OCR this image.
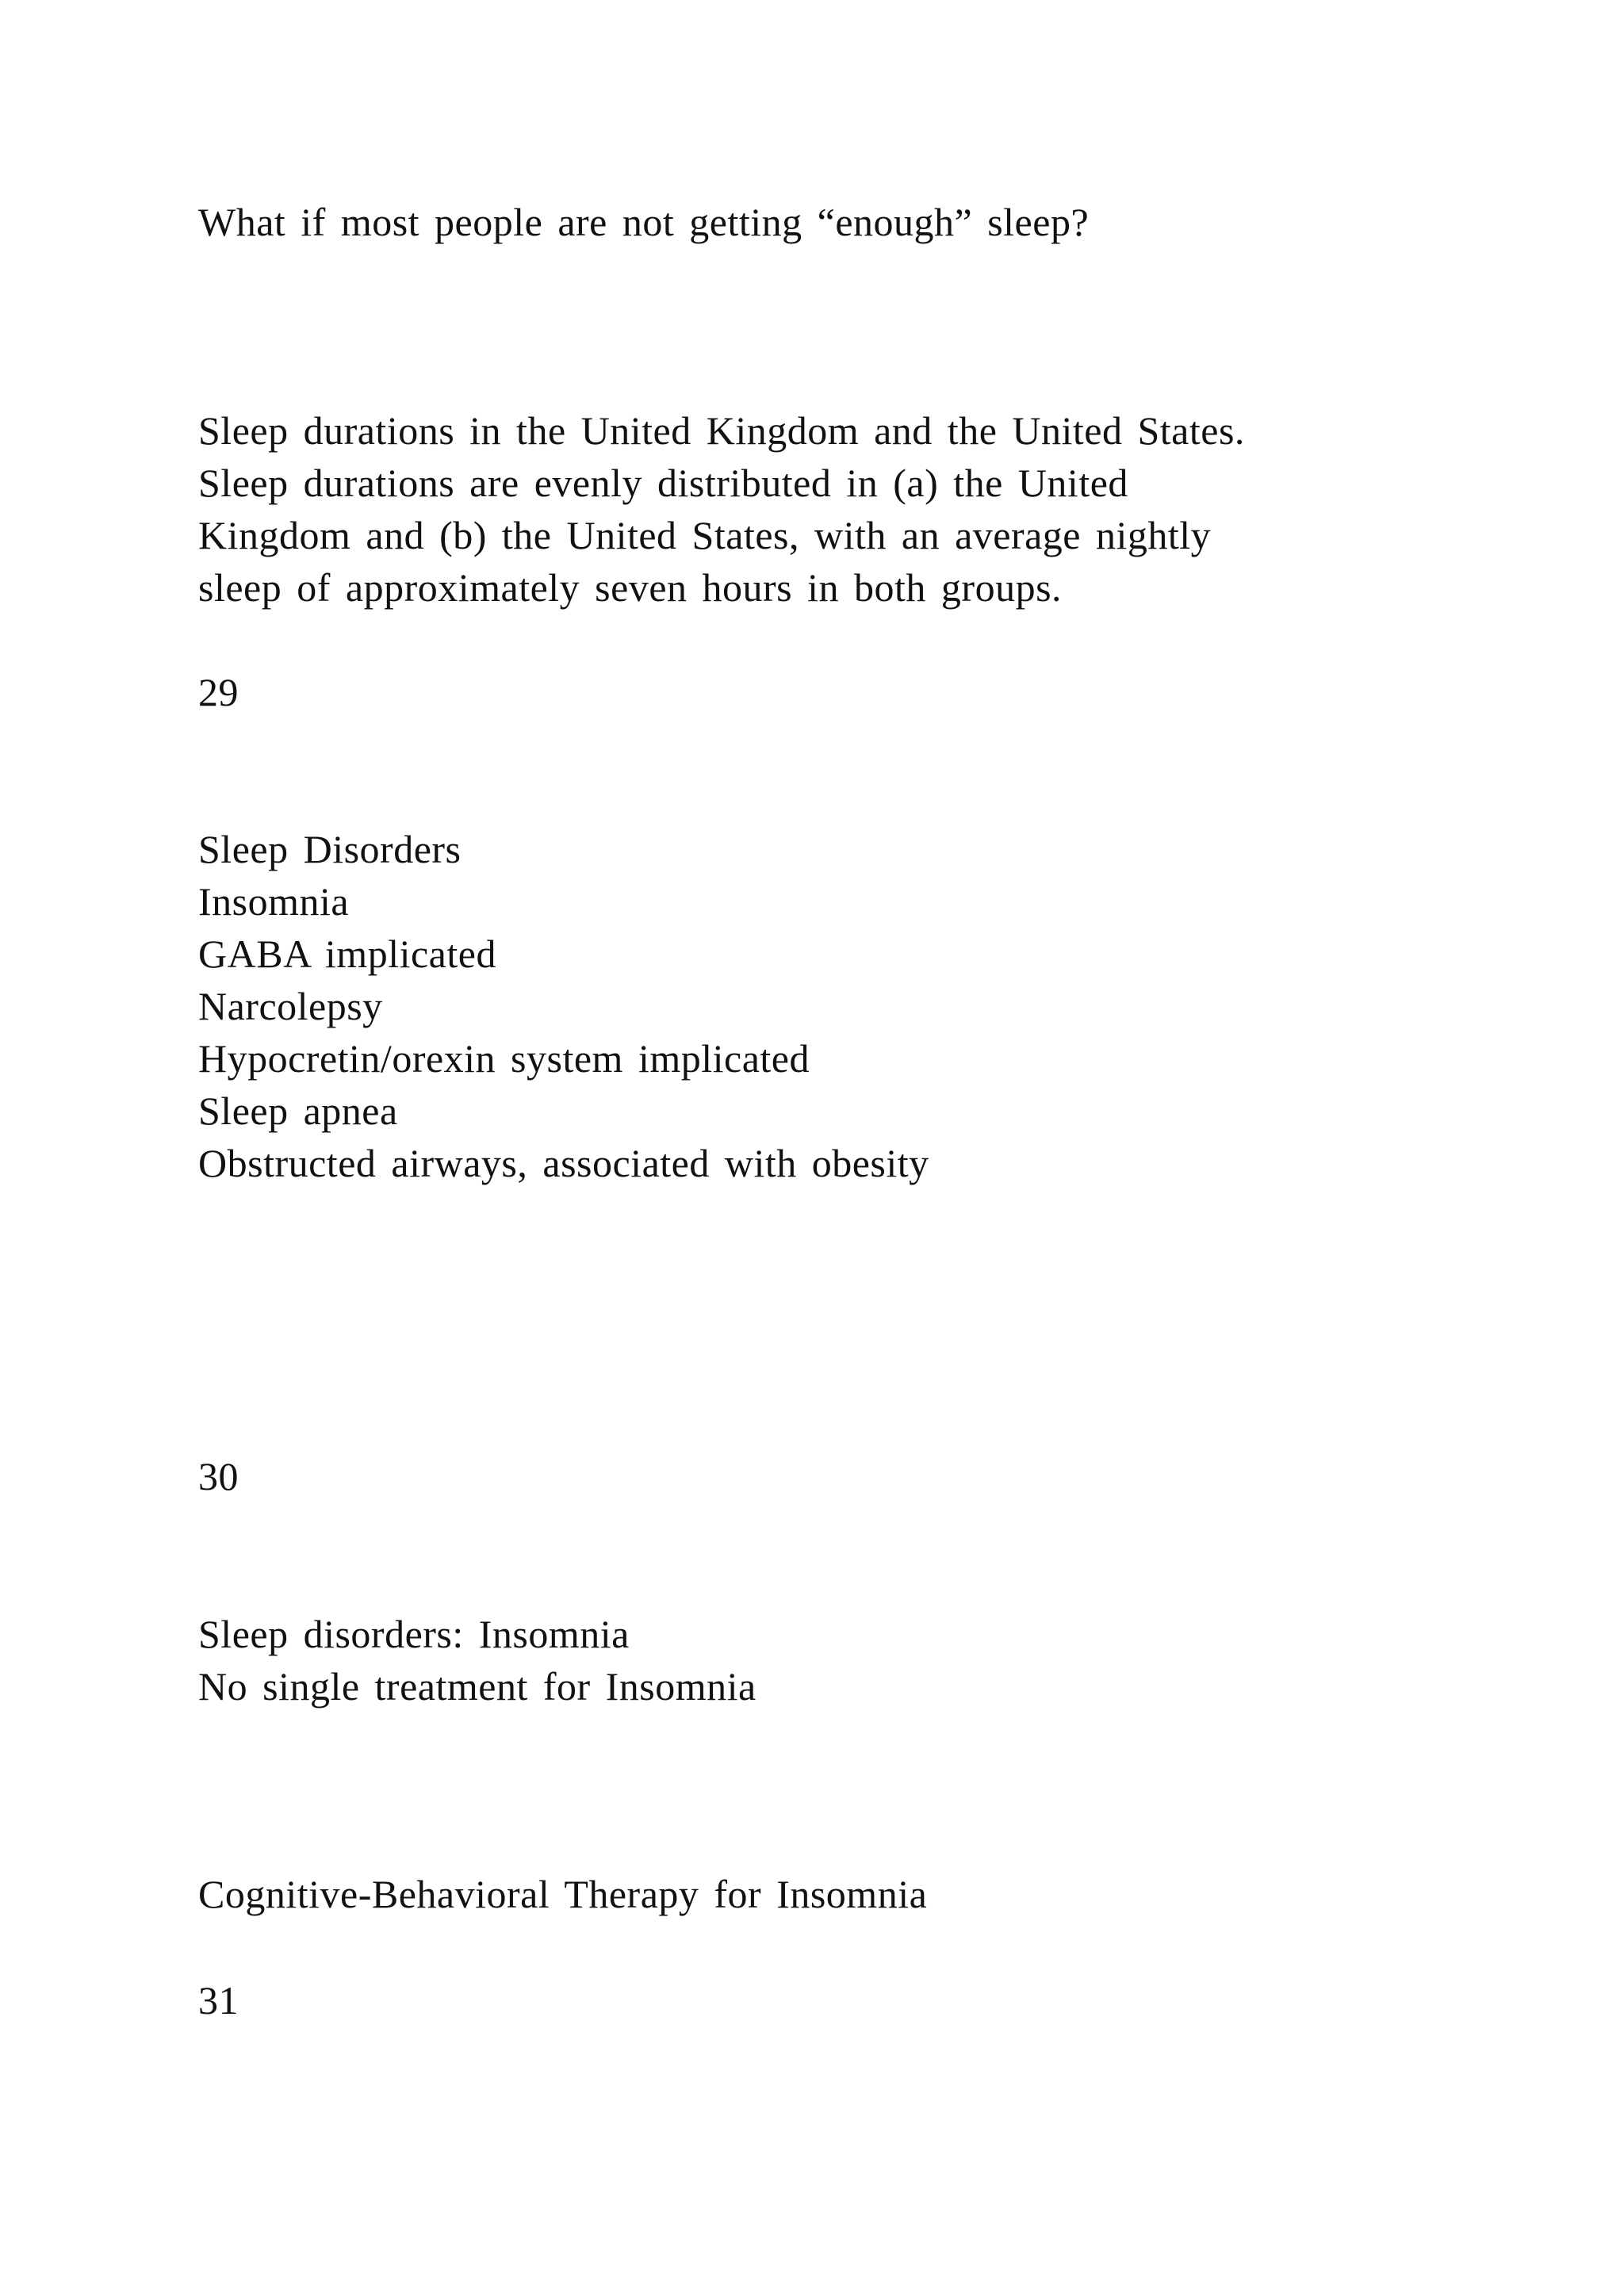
What if most people are not getting “enough” sleep?
Sleep durations in the United Kingdom and the United States.
Sleep durations are evenly distributed in (a) the United
Kingdom and (b) the United States, with an average nightly
sleep of approximately seven hours in both groups.
29
Sleep Disorders
Insomnia
GABA implicated
Narcolepsy
Hypocretin/orexin system implicated
Sleep apnea
Obstructed airways, associated with obesity
30
Sleep disorders: Insomnia
No single treatment for Insomnia
Cognitive-Behavioral Therapy for Insomnia
31
